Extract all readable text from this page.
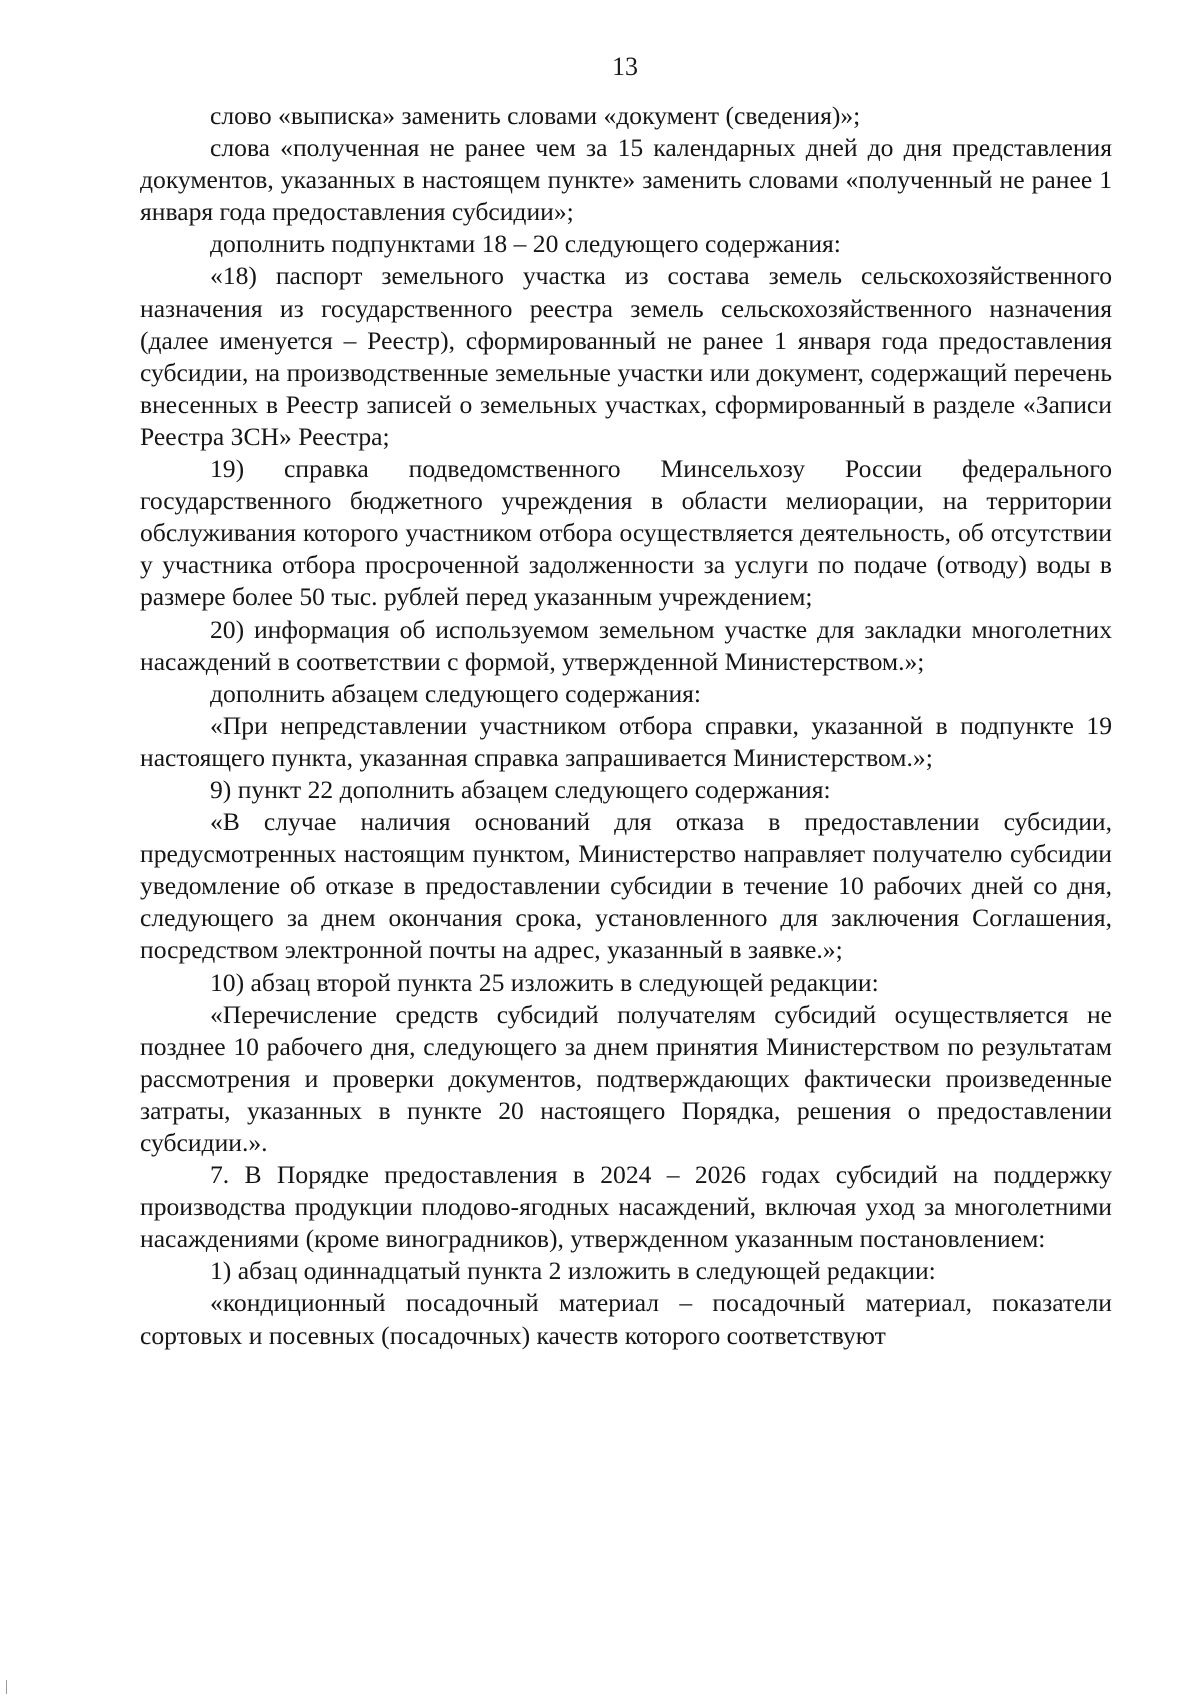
13

слово «выписка» заменить словами «документ (сведения)»;

слова «полученная не ранее чем за 15 календарных дней до дня представления документов, указанных в настоящем пункте» заменить словами «полученный не ранее 1 января года предоставления субсидии»;

дополнить подпунктами 18 – 20 следующего содержания:

«18) паспорт земельного участка из состава земель сельскохозяйственного назначения из государственного реестра земель сельскохозяйственного назначения (далее именуется – Реестр), сформированный не ранее 1 января года предоставления субсидии, на производственные земельные участки или документ, содержащий перечень внесенных в Реестр записей о земельных участках, сформированный в разделе «Записи Реестра ЗСН» Реестра;

19) справка подведомственного Минсельхозу России федерального государственного бюджетного учреждения в области мелиорации, на территории обслуживания которого участником отбора осуществляется деятельность, об отсутствии у участника отбора просроченной задолженности за услуги по подаче (отводу) воды в размере более 50 тыс. рублей перед указанным учреждением;

20) информация об используемом земельном участке для закладки многолетних насаждений в соответствии с формой, утвержденной Министерством.»;

дополнить абзацем следующего содержания:

«При непредставлении участником отбора справки, указанной в подпункте 19 настоящего пункта, указанная справка запрашивается Министерством.»;

9) пункт 22 дополнить абзацем следующего содержания:

«В случае наличия оснований для отказа в предоставлении субсидии, предусмотренных настоящим пунктом, Министерство направляет получателю субсидии уведомление об отказе в предоставлении субсидии в течение 10 рабочих дней со дня, следующего за днем окончания срока, установленного для заключения Соглашения, посредством электронной почты на адрес, указанный в заявке.»;

10) абзац второй пункта 25 изложить в следующей редакции:

«Перечисление средств субсидий получателям субсидий осуществляется не позднее 10 рабочего дня, следующего за днем принятия Министерством по результатам рассмотрения и проверки документов, подтверждающих фактически произведенные затраты, указанных в пункте 20 настоящего Порядка, решения о предоставлении субсидии.».

7. В Порядке предоставления в 2024 – 2026 годах субсидий на поддержку производства продукции плодово-ягодных насаждений, включая уход за многолетними насаждениями (кроме виноградников), утвержденном указанным постановлением:

1) абзац одиннадцатый пункта 2 изложить в следующей редакции:

«кондиционный посадочный материал – посадочный материал, показатели сортовых и посевных (посадочных) качеств которого соответствуют
